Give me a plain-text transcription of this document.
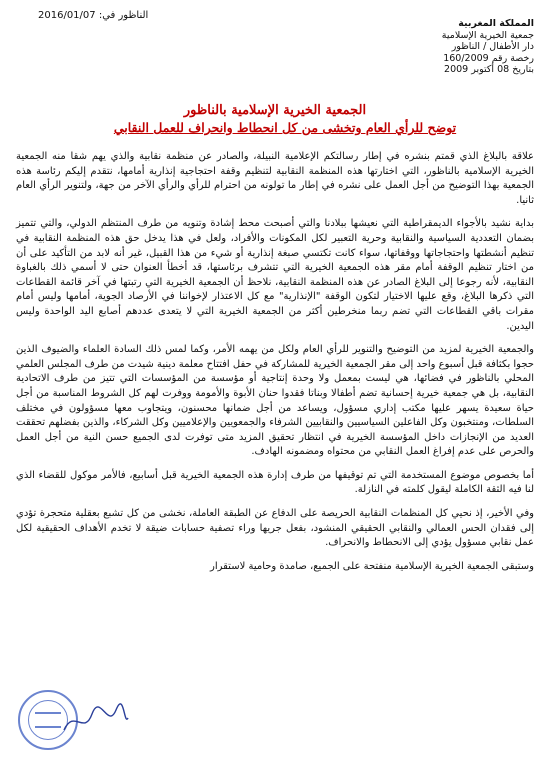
الناظور في: 2016/01/07
المملكة المغربية
جمعية الخيرية الإسلامية
دار الأطفال / الناظور
رخصة رقم 160/2009
بتاريخ 08 أكتوبر 2009
الجمعية الخيرية الإسلامية بالناظور
توضح للرأي العام وتخشى من كل انحطاط وانحراف للعمل النقابي

علاقة بالبلاغ الذي قمتم بنشره في إطار رسالتكم الإعلامية النبيلة، والصادر عن منظمة نقابية والذي يهم شقا منه الجمعية الخيرية الإسلامية بالناظور، التي اختارتها هذه المنظمة النقابية لتنظيم وقفة احتجاجية إنذارية أمامها، نتقدم إليكم رئاسة هذه الجمعية بهذا التوضيح من أجل العمل على نشره في إطار ما تولونه من احترام للرأي والرأي الآخر من جهة، ولتنوير الرأي العام ثانيا.

بداية نشيد بالأجواء الديمقراطية التي نعيشها ببلادنا والتي أصبحت محط إشادة وتنويه من طرف المنتظم الدولي، والتي تتميز بضمان التعددية السياسية والنقابية وحرية التعبير لكل المكونات والأفراد، ولعل في هذا يدخل حق هذه المنظمة النقابية في تنظيم أنشطتها واحتجاجاتها ووقفاتها، سواء كانت تكتسي صبغة إنذارية أو شيء من هذا القبيل، غير أنه لابد من التأكيد على أن من اختار تنظيم الوقفة أمام مقر هذه الجمعية الخيرية التي تتشرف برئاستها، قد أخطأ العنوان حتى لا أسمي ذلك بالغباوة النقابية، لأنه رجوعا إلى البلاغ الصادر عن هذه المنظمة النقابية، نلاحظ أن الجمعية الخيرية التي رتبتها في آخر قائمة القطاعات التي ذكرها البلاغ، وقع عليها الاختيار لتكون الوقفة "الإنذارية" مع كل الاعتذار لإخواننا في الأرصاد الجوية، أمامها وليس أمام مقرات باقي القطاعات التي تضم ربما منخرطين أكثر من الجمعية الخيرية التي لا يتعدى عددهم أصابع اليد الواحدة وليس اليدين.

والجمعية الخيرية لمزيد من التوضيح والتنوير للرأي العام ولكل من يهمه الأمر، وكما لمس ذلك السادة العلماء والضيوف الذين حجوا بكثافة قبل أسبوع واحد إلى مقر الجمعية الخيرية للمشاركة في حفل افتتاح معلمة دينية شيدت من طرف المجلس العلمي المحلي بالناظور في فضائها، هي ليست بمعمل ولا وحدة إنتاجية أو مؤسسة من المؤسسات التي تتيز من طرف الاتحادية النقابية، بل هي جمعية خيرية إحسانية تضم أطفالا وبناتا فقدوا حنان الأبوة والأمومة ووفرت لهم كل الشروط المناسبة من أجل حياة سعيدة يسهر عليها مكتب إداري مسؤول، ويساعد من أجل ضمانها محسنون، ويتجاوب معها مسؤولون في مختلف السلطات، ومنتخبون وكل الفاعلين السياسيين والنقابيين الشرفاء والجمعويين والإعلاميين وكل الشركاء، والذين بفضلهم تحققت العديد من الإنجازات داخل المؤسسة الخيرية في انتظار تحقيق المزيد متى توفرت لدى الجميع حسن النية من أجل العمل والحرص على عدم إفراغ العمل النقابي من محتواه ومضمونه الهادف.

أما بخصوص موضوع المستخدمة التي تم توقيفها من طرف إدارة هذه الجمعية الخيرية قبل أسابيع، فالأمر موكول للقضاء الذي لنا فيه الثقة الكاملة ليقول كلمته في النازلة.

وفي الأخير، إذ نحيي كل المنظمات النقابية الحريصة على الدفاع عن الطبقة العاملة، نخشى من كل تشبع بعقلية متحجرة تؤدي إلى فقدان الحس العمالي والنقابي الحقيقي المنشود، بفعل جريها وراء تصفية حسابات ضيقة لا تخدم الأهداف الحقيقية لكل عمل نقابي مسؤول يؤدي إلى الانحطاط والانحراف.

وستبقى الجمعية الخيرية الإسلامية منفتحة على الجميع، صامدة وحامية لاستقرار
